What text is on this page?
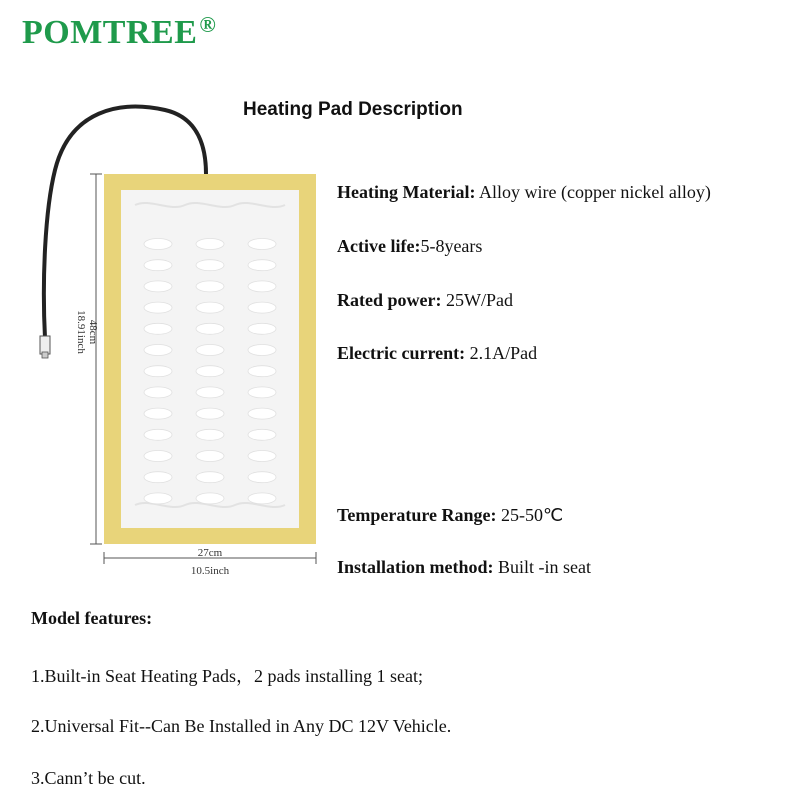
POMTREE®
Heating Pad Description
48cm
18.91inch
27cm
10.5inch
Heating Material: Alloy wire (copper nickel alloy)
Active life:5-8years
Rated power: 25W/Pad
Electric current: 2.1A/Pad
Temperature Range: 25-50℃
Installation method: Built -in seat
Model features:
1.Built-in Seat Heating Pads，2 pads installing 1 seat;
2.Universal Fit--Can Be Installed in Any DC 12V Vehicle.
3.Cann’t be cut.
